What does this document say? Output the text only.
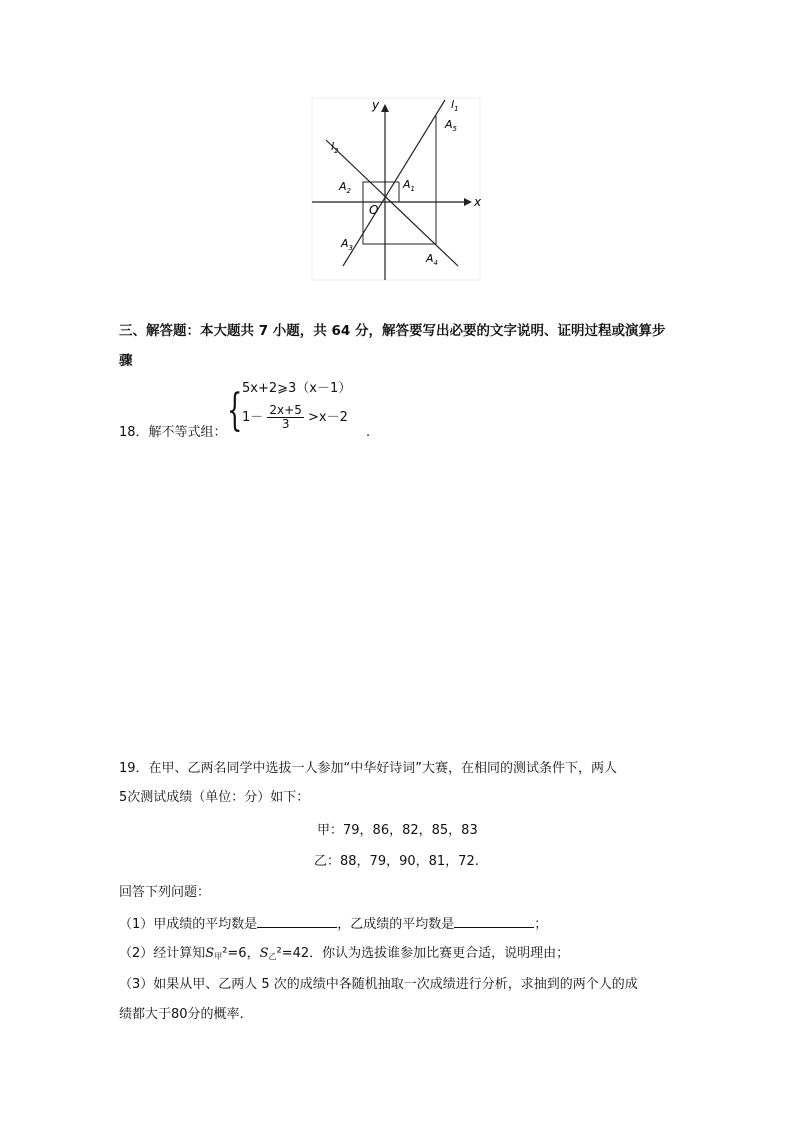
y
x
O
$l_1$
$l_2$
$A_1$
$A_2$
$A_3$
$A_4$
$A_5$
三、解答题：本大题共 7 小题，共 64 分，解答要写出必要的文字说明、证明过程或演算步
骤
18．解不等式组： { 5x+2⩾3（x－1）
$1- \frac{2x+5}{3} >x-2$
.
19．在甲、乙两名同学中选拔一人参加“中华好诗词”大赛，在相同的测试条件下，两人
5次测试成绩（单位：分）如下：
甲：79，86，82，85，83
乙：88，79，90，81，72.
回答下列问题：
（1）甲成绩的平均数是	，乙成绩的平均数是	；
（2）经计算知S甲²=6，S乙²=42．你认为选拔谁参加比赛更合适，说明理由；
（3）如果从甲、乙两人 5 次的成绩中各随机抽取一次成绩进行分析，求抽到的两个人的成
绩都大于80分的概率.
